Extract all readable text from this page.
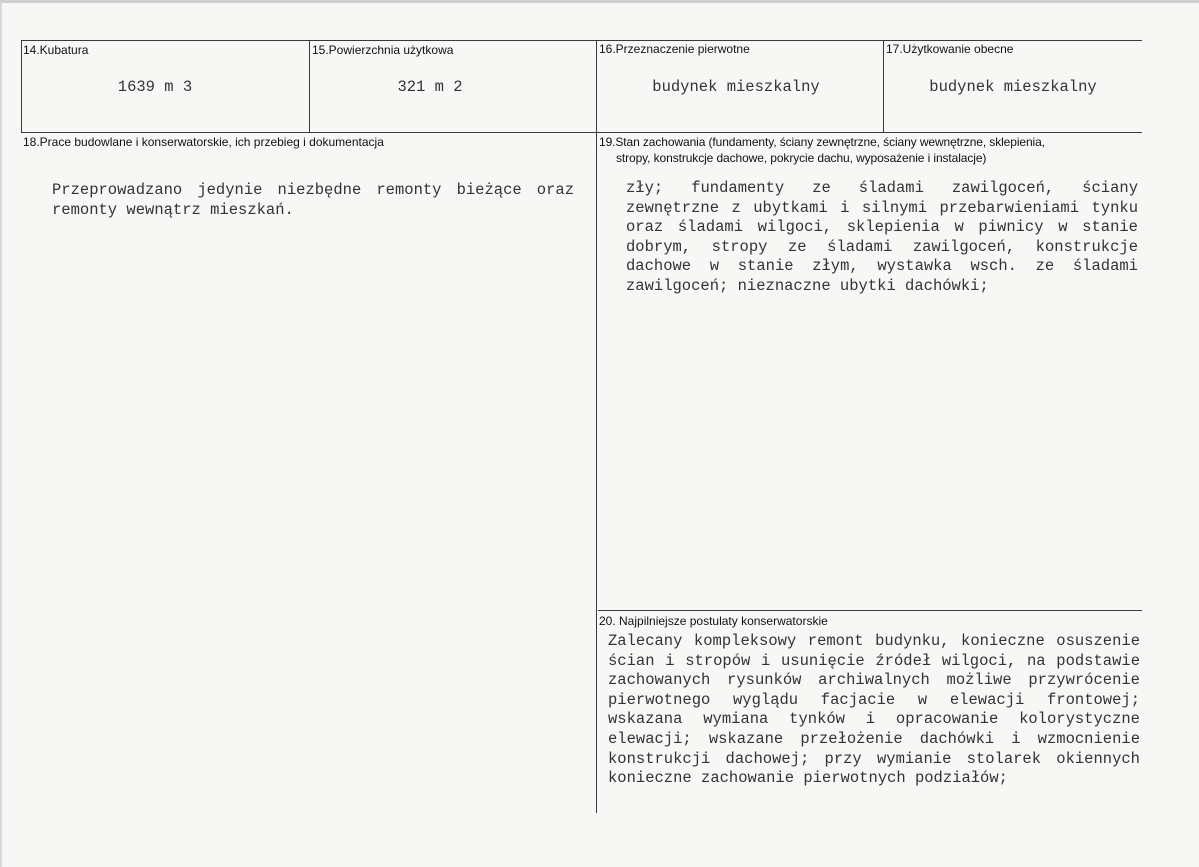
14.Kubatura	15.Powierzchnia użytkowa	16.Przeznaczenie pierwotne	17.Użytkowanie obecne
1639 m 3	321 m 2	budynek mieszkalny	budynek mieszkalny
18.Prace budowlane i konserwatorskie, ich przebieg i dokumentacja
Przeprowadzano jedynie niezbędne remonty bieżące oraz remonty wewnątrz mieszkań.
19.Stan zachowania (fundamenty, ściany zewnętrzne, ściany wewnętrzne, sklepienia,
stropy, konstrukcje dachowe, pokrycie dachu, wyposażenie i instalacje)
zły; fundamenty ze śladami zawilgoceń, ściany zewnętrzne z ubytkami i silnymi przebarwieniami tynku oraz śladami wilgoci, sklepienia w piwnicy w stanie dobrym, stropy ze śladami zawilgoceń, konstrukcje dachowe w stanie złym, wystawka wsch. ze śladami zawilgoceń; nieznaczne ubytki dachówki;
20. Najpilniejsze postulaty konserwatorskie
Zalecany kompleksowy remont budynku, konieczne osuszenie ścian i stropów i usunięcie źródeł wilgoci, na podstawie zachowanych rysunków archiwalnych możliwe przywrócenie pierwotnego wyglądu facjacie w elewacji frontowej; wskazana wymiana tynków i opracowanie kolorystyczne elewacji; wskazane przełożenie dachówki i wzmocnienie konstrukcji dachowej; przy wymianie stolarek okiennych konieczne zachowanie pierwotnych podziałów;
